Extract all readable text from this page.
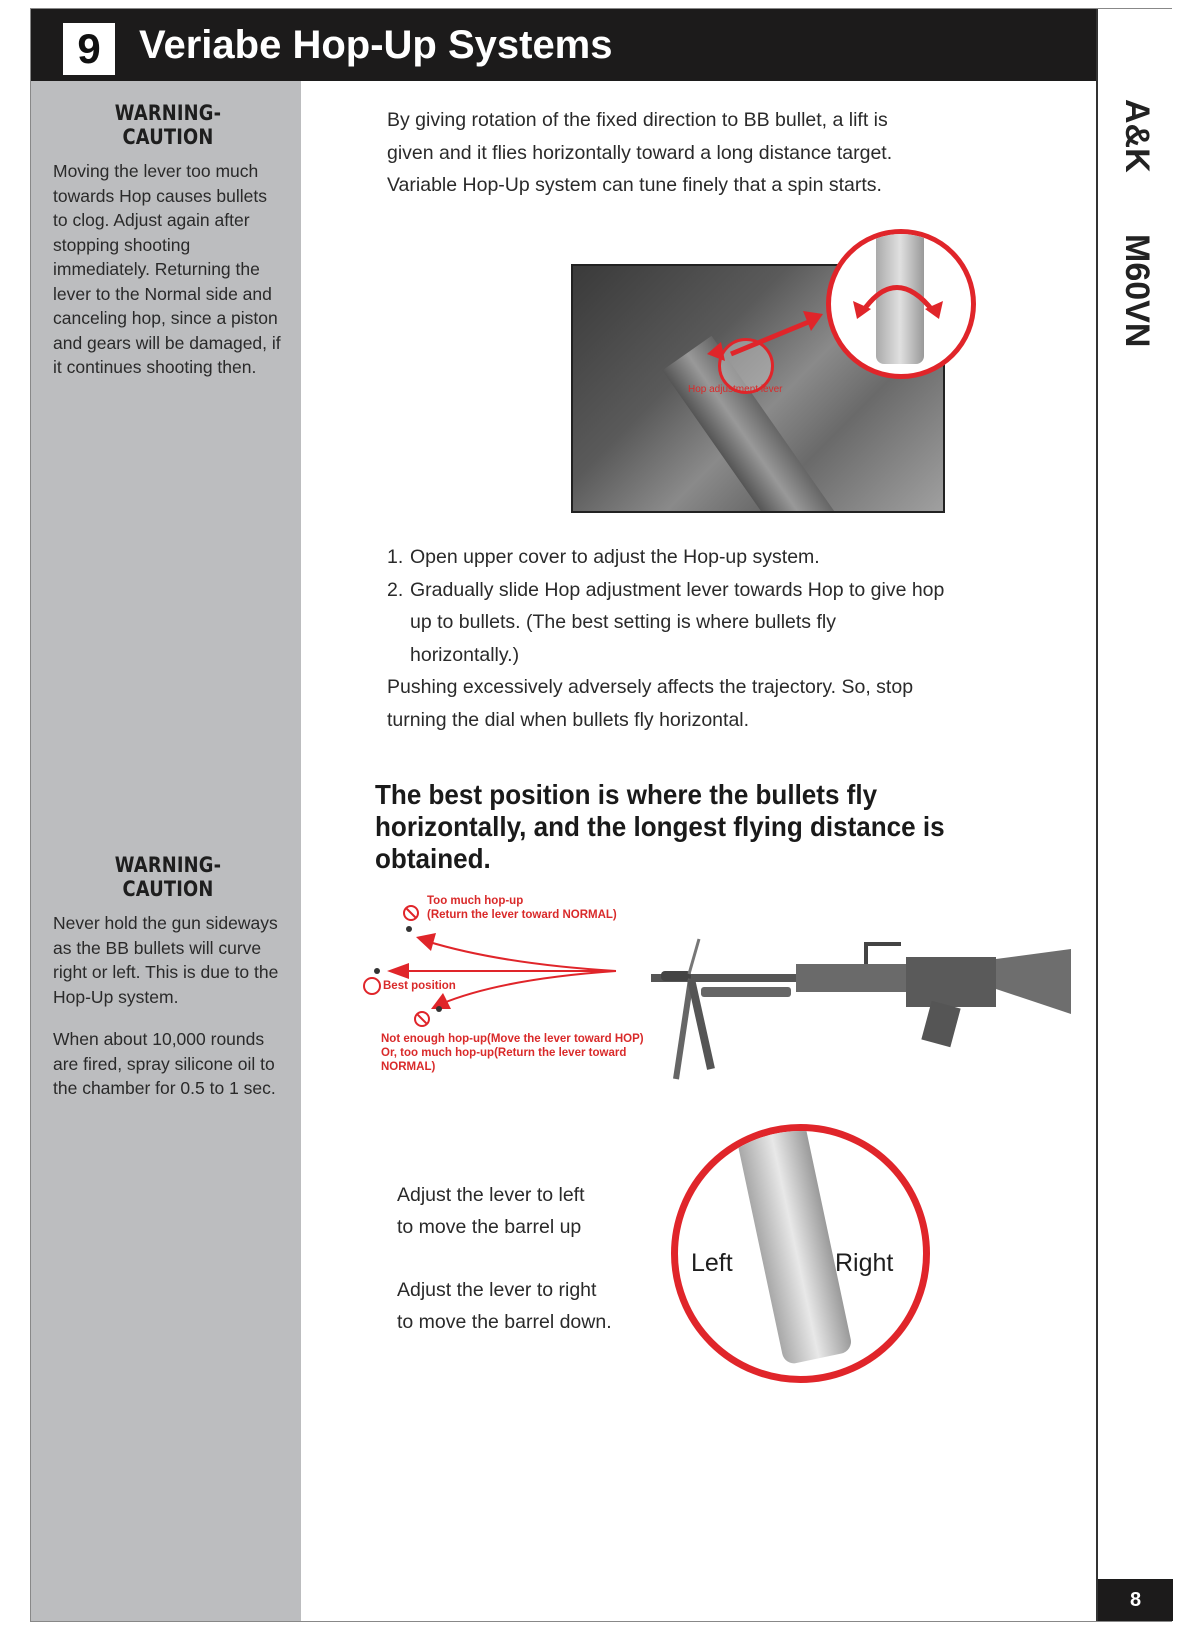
9 Veriabe Hop-Up Systems
WARNING-CAUTION

Moving the lever too much towards Hop causes bullets to clog. Adjust again after stopping shooting immediately. Returning the lever to the Normal side and canceling hop, since a piston and gears will be damaged, if it continues shooting then.

WARNING-CAUTION

Never hold the gun sideways as the BB bullets will curve right or left. This is due to the Hop-Up system.

When about 10,000 rounds are fired, spray silicone oil to the chamber for 0.5 to 1 sec.

A&K
M60VN
8
By giving rotation of the fixed direction to BB bullet, a lift is given and it flies horizontally toward a long distance target. Variable Hop-Up system can tune finely that a spin starts.
Hop adjustment lever
Too much hop-up
(Return the lever toward NORMAL)
Best position
Not enough hop-up(Move the lever toward HOP)
Or, too much hop-up(Return the lever toward
NORMAL)
1. Open upper cover to adjust the Hop-up system.
2. Gradually slide Hop adjustment lever towards Hop to give hop up to bullets. (The best setting is where bullets fly horizontally.)
Pushing excessively adversely affects the trajectory. So, stop turning the dial when bullets fly horizontal.
The best position is where the bullets fly horizontally, and the longest flying distance is obtained.
Adjust the lever to left
to move the barrel up
Adjust the lever to right
to move the barrel down.
Left	Right
